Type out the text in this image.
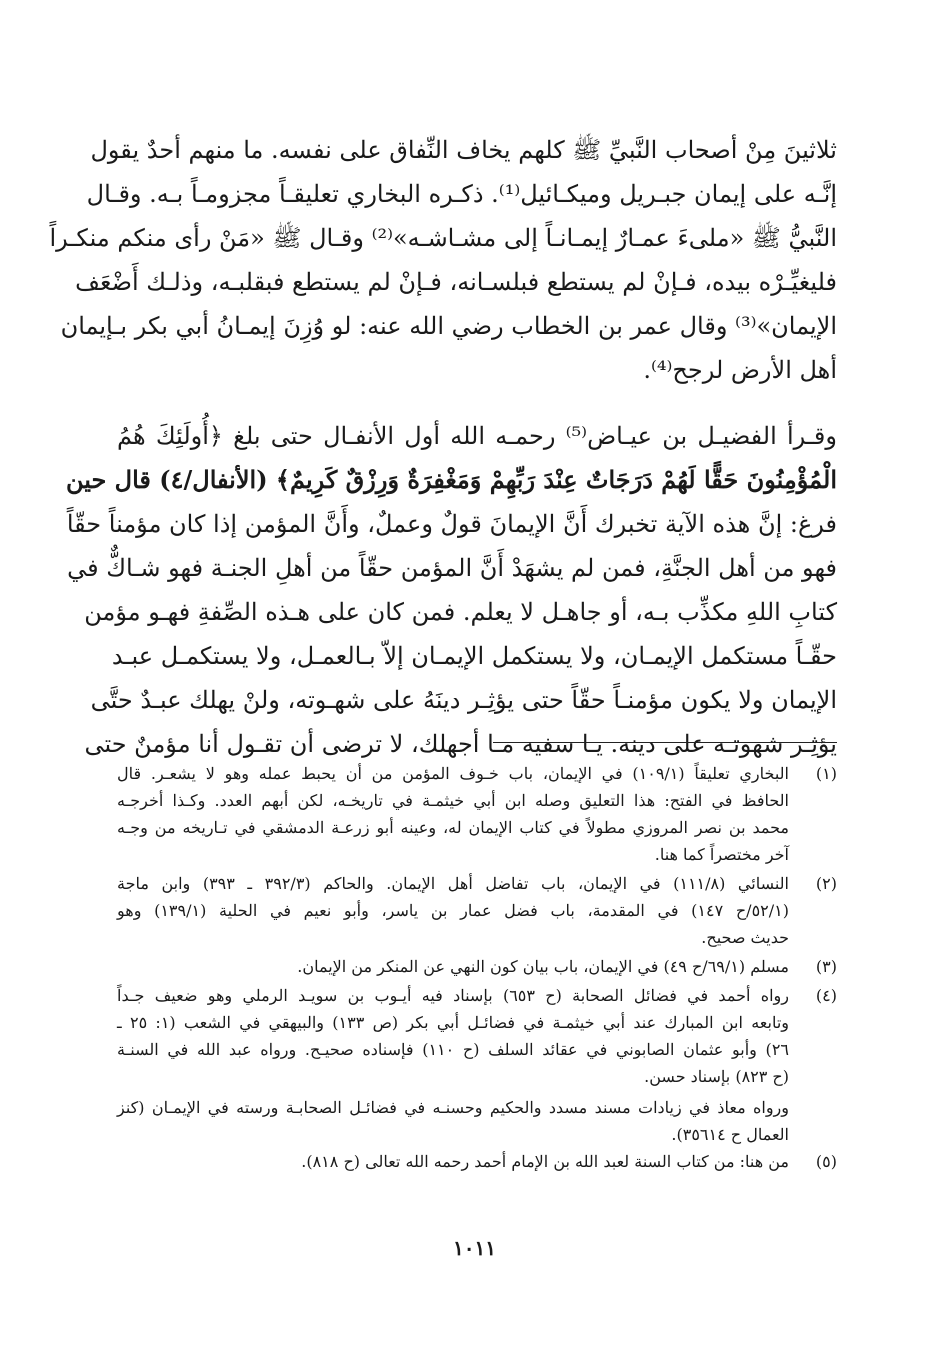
ثلاثينَ مِنْ أصحاب النَّبيِّ ﷺ كلهم يخاف النِّفاق على نفسه. ما منهم أحدٌ يقول
إنَّـه على إيمان جبـريل وميكـائيل⁽¹⁾. ذكـره البخاري تعليقـاً مجزومـاً بـه. وقـال
النَّبيُّ ﷺ «ملىءَ عمـارٌ إيمـانـاً إلى مشـاشـه»⁽²⁾ وقـال ﷺ «مَنْ رأى منكم منكـراً
فليغيِّـرْه بيده، فـإنْ لم يستطع فبلسـانه، فـإنْ لم يستطع فبقلبـه، وذلـك أَضْعَف
الإيمان»⁽³⁾ وقال عمر بن الخطاب رضي الله عنه: لو وُزِنَ إيمـانُ أبي بكر بـإيمان
أهل الأرض لرجح⁽⁴⁾.
وقـرأ الفضيـل بن عيـاض⁽⁵⁾ رحمـه الله أول الأنفـال حتى بلغ ﴿أُولَئِكَ هُمُ
الْمُؤْمِنُونَ حَقًّا لَهُمْ دَرَجَاتٌ عِنْدَ رَبِّهِمْ وَمَغْفِرَةٌ وَرِزْقٌ كَرِيمٌ﴾ (الأنفال/٤) قال حين
فرغ: إنَّ هذه الآية تخبرك أَنَّ الإيمانَ قولٌ وعملٌ، وأَنَّ المؤمن إذا كان مؤمناً حقّاً
فهو من أهل الجنَّةِ، فمن لم يشهَدْ أَنَّ المؤمن حقّاً من أهلِ الجنـة فهو شـاكٌّ في
كتابِ اللهِ مكذِّب بـه، أو جاهـل لا يعلم. فمن كان على هـذه الصِّفةِ فهـو مؤمن
حقّـاً مستكمل الإيمـان، ولا يستكمل الإيمـان إلاّ بـالعمـل، ولا يستكمـل عبـد
الإيمان ولا يكون مؤمنـاً حقّاً حتى يؤثِـر دينَهُ على شهـوته، ولنْ يهلك عبـدٌ حتَّى
يؤثِـر شهوتـه على دينه. يـا سفيه مـا أجهلك، لا ترضى أن تقـول أنا مؤمنٌ حتى
(١)
البخاري تعليقاً (١٠٩/١) في الإيمان، باب خـوف المؤمن من أن يحبط عمله وهو لا يشعـر. قال
الحافظ في الفتح: هذا التعليق وصله ابن أبي خيثمـة في تاريخـه، لكن أبهم العدد. وكـذا أخرجـه
محمد بن نصر المروزي مطولاً في كتاب الإيمان له، وعينه أبو زرعـة الدمشقي في تـاريخه من وجـه
آخر مختصراً كما هنا.
(٢)
النسائي (١١١/٨) في الإيمان، باب تفاضل أهل الإيمان. والحاكم (٣٩٢/٣ ـ ٣٩٣) وابن ماجة
(٥٢/١/ح ١٤٧) في المقدمة، باب فضل عمار بن ياسر، وأبو نعيم في الحلية (١٣٩/١) وهو
حديث صحيح.
(٣)
مسلم (٦٩/١/ح ٤٩) في الإيمان، باب بيان كون النهي عن المنكر من الإيمان.
(٤)
رواه أحمد في فضائل الصحابة (ح ٦٥٣) بإسناد فيه أيـوب بن سويـد الرملي وهو ضعيف جـداً
وتابعه ابن المبارك عند أبي خيثمـة في فضائـل أبي بكر (ص ١٣٣) والبيهقي في الشعب (١: ٢٥ ـ
٢٦) وأبو عثمان الصابوني في عقائد السلف (ح ١١٠) فإسناده صحيـح. ورواه عبد الله في السنـة
(ح ٨٢٣) بإسناد حسن.
ورواه معاذ في زيادات مسند مسدد والحكيم وحسنـه في فضائـل الصحابـة ورسته في الإيمـان (كنز
العمال ح ٣٥٦١٤).
(٥)
من هنا: من كتاب السنة لعبد الله بن الإمام أحمد رحمه الله تعالى (ح ٨١٨).
١٠١١
